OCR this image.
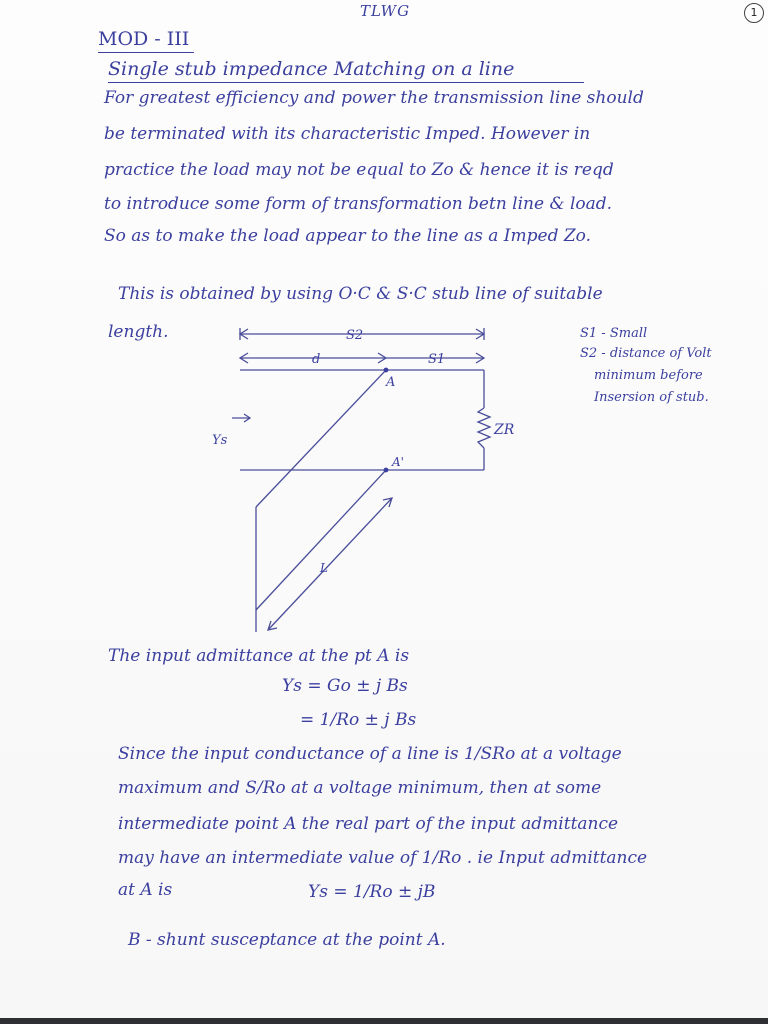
TLWG	1
MOD - III
Single stub impedance Matching on a line
For greatest efficiency and power the transmission line should
be terminated with its characteristic Imped. However in
practice the load may not be equal to Zo & hence it is reqd
to introduce some form of transformation betn line & load.
So as to make the load appear to the line as a Imped Zo.
This is obtained by using O·C & S·C stub line of suitable
length.	S2
d	S1
A
A'
ZR
Ys
L
S1 - Small
S2 - distance of Volt
minimum before
Insersion of stub.
The input admittance at the pt A is
Ys = Go ± j Bs
= 1/Ro ± j Bs
Since the input conductance of a line is 1/SRo at a voltage
maximum and S/Ro at a voltage minimum, then at some
intermediate point A the real part of the input admittance
may have an intermediate value of 1/Ro . ie Input admittance
at A is	Ys = 1/Ro ± jB
B - shunt susceptance at the point A.
